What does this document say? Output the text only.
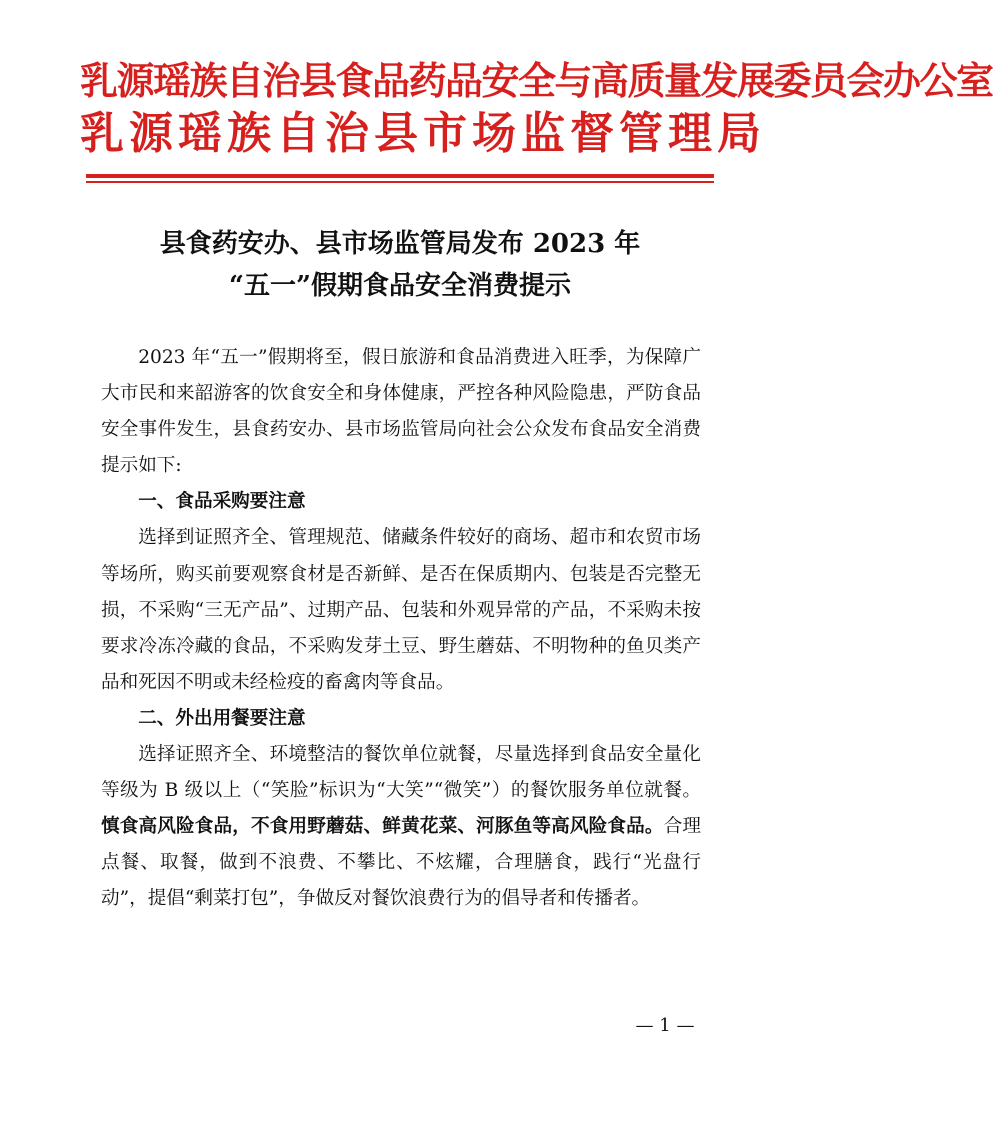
乳源瑶族自治县食品药品安全与高质量发展委员会办公室
乳源瑶族自治县市场监督管理局
县食药安办、县市场监管局发布 2023 年
“五一”假期食品安全消费提示

2023 年“五一”假期将至，假日旅游和食品消费进入旺季，为保障广大市民和来韶游客的饮食安全和身体健康，严控各种风险隐患，严防食品安全事件发生，县食药安办、县市场监管局向社会公众发布食品安全消费提示如下:

一、食品采购要注意

选择到证照齐全、管理规范、储藏条件较好的商场、超市和农贸市场等场所，购买前要观察食材是否新鲜、是否在保质期内、包装是否完整无损，不采购“三无产品”、过期产品、包装和外观异常的产品，不采购未按要求冷冻冷藏的食品，不采购发芽土豆、野生蘑菇、不明物种的鱼贝类产品和死因不明或未经检疫的畜禽肉等食品。

二、外出用餐要注意

选择证照齐全、环境整洁的餐饮单位就餐，尽量选择到食品安全量化等级为 B 级以上（“笑脸”标识为“大笑”“微笑”）的餐饮服务单位就餐。慎食高风险食品，不食用野蘑菇、鲜黄花菜、河豚鱼等高风险食品。合理点餐、取餐，做到不浪费、不攀比、不炫耀，合理膳食，践行“光盘行动”，提倡“剩菜打包”，争做反对餐饮浪费行为的倡导者和传播者。

— 1 —
